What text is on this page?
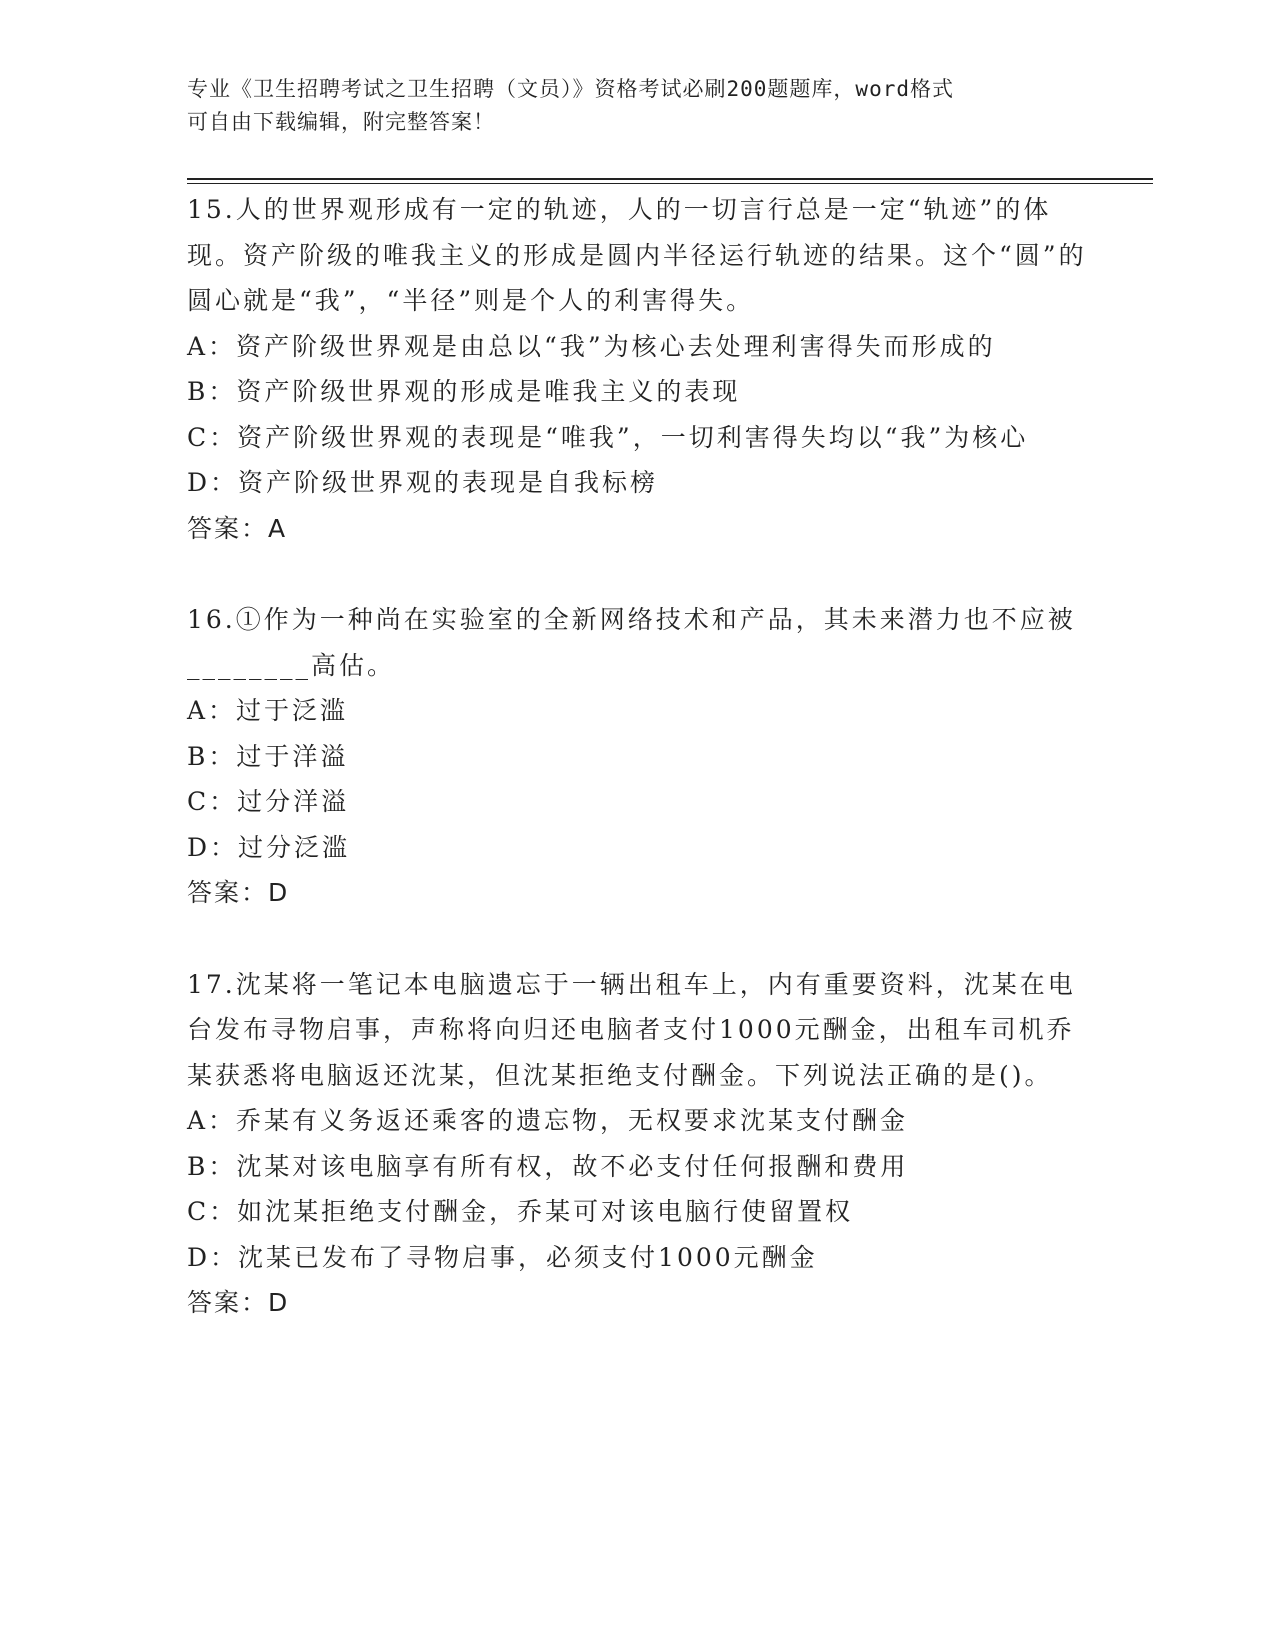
专业《卫生招聘考试之卫生招聘（文员）》资格考试必刷200题题库，word格式
可自由下载编辑，附完整答案！
15.人的世界观形成有一定的轨迹，人的一切言行总是一定“轨迹”的体现。资产阶级的唯我主义的形成是圆内半径运行轨迹的结果。这个“圆”的圆心就是“我”，“半径”则是个人的利害得失。
A：资产阶级世界观是由总以“我”为核心去处理利害得失而形成的
B：资产阶级世界观的形成是唯我主义的表现
C：资产阶级世界观的表现是“唯我”，一切利害得失均以“我”为核心
D：资产阶级世界观的表现是自我标榜
答案：A
16.①作为一种尚在实验室的全新网络技术和产品，其未来潜力也不应被________高估。
A：过于泛滥
B：过于洋溢
C：过分洋溢
D：过分泛滥
答案：D
17.沈某将一笔记本电脑遗忘于一辆出租车上，内有重要资料，沈某在电台发布寻物启事，声称将向归还电脑者支付1000元酬金，出租车司机乔某获悉将电脑返还沈某，但沈某拒绝支付酬金。下列说法正确的是()。
A：乔某有义务返还乘客的遗忘物，无权要求沈某支付酬金
B：沈某对该电脑享有所有权，故不必支付任何报酬和费用
C：如沈某拒绝支付酬金，乔某可对该电脑行使留置权
D：沈某已发布了寻物启事，必须支付1000元酬金
答案：D
